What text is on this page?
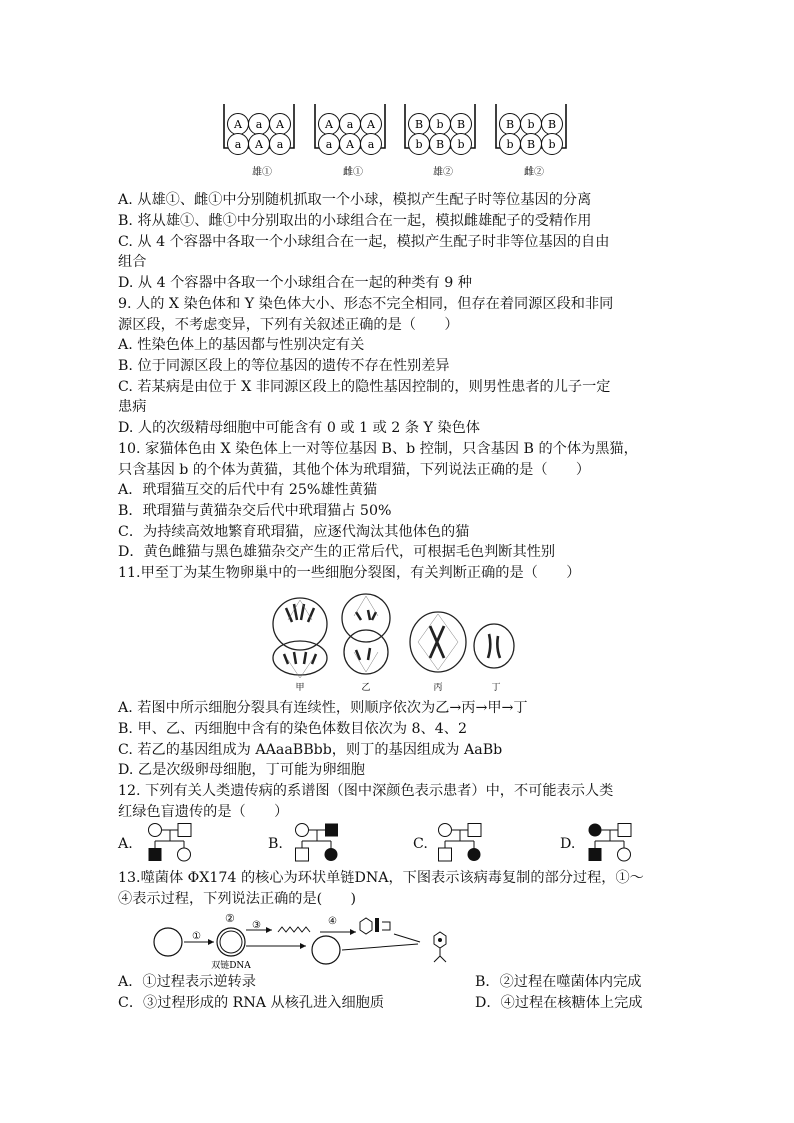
A a A
a A a
A a A
a A a
B b B
b B b
B b B
b B b
雄①	雌①	雄②	雌②
A. 从雄①、雌①中分别随机抓取一个小球，模拟产生配子时等位基因的分离
B. 将从雄①、雌①中分别取出的小球组合在一起，模拟雌雄配子的受精作用
C. 从 4 个容器中各取一个小球组合在一起，模拟产生配子时非等位基因的自由
组合
D. 从 4 个容器中各取一个小球组合在一起的种类有 9 种
9. 人的 X 染色体和 Y 染色体大小、形态不完全相同，但存在着同源区段和非同
源区段，不考虑变异，下列有关叙述正确的是（　　）
A. 性染色体上的基因都与性别决定有关
B. 位于同源区段上的等位基因的遗传不存在性别差异
C. 若某病是由位于 X 非同源区段上的隐性基因控制的，则男性患者的儿子一定
患病
D. 人的次级精母细胞中可能含有 0 或 1 或 2 条 Y 染色体
10. 家猫体色由 X 染色体上一对等位基因 B、b 控制，只含基因 B 的个体为黑猫，
只含基因 b 的个体为黄猫，其他个体为玳瑁猫，下列说法正确的是（　　）
A．玳瑁猫互交的后代中有 25%雄性黄猫
B．玳瑁猫与黄猫杂交后代中玳瑁猫占 50%
C．为持续高效地繁育玳瑁猫，应逐代淘汰其他体色的猫
D．黄色雌猫与黑色雄猫杂交产生的正常后代，可根据毛色判断其性别
11.甲至丁为某生物卵巢中的一些细胞分裂图，有关判断正确的是（　　）
甲	乙	丙	丁
A. 若图中所示细胞分裂具有连续性，则顺序依次为乙→丙→甲→丁
B. 甲、乙、丙细胞中含有的染色体数目依次为 8、4、2
C. 若乙的基因组成为 AAaaBBbb，则丁的基因组成为 AaBb
D. 乙是次级卵母细胞，丁可能为卵细胞
12. 下列有关人类遗传病的系谱图（图中深颜色表示患者）中，不可能表示人类
红绿色盲遗传的是（　　）
A.	B.	C.	D.
13.噬菌体 ΦX174 的核心为环状单链DNA，下图表示该病毒复制的部分过程，①～
④表示过程，下列说法正确的是(　　)
①
②
双链DNA
③	④
A．①过程表示逆转录	B．②过程在噬菌体内完成
C．③过程形成的 RNA 从核孔进入细胞质	D．④过程在核糖体上完成
